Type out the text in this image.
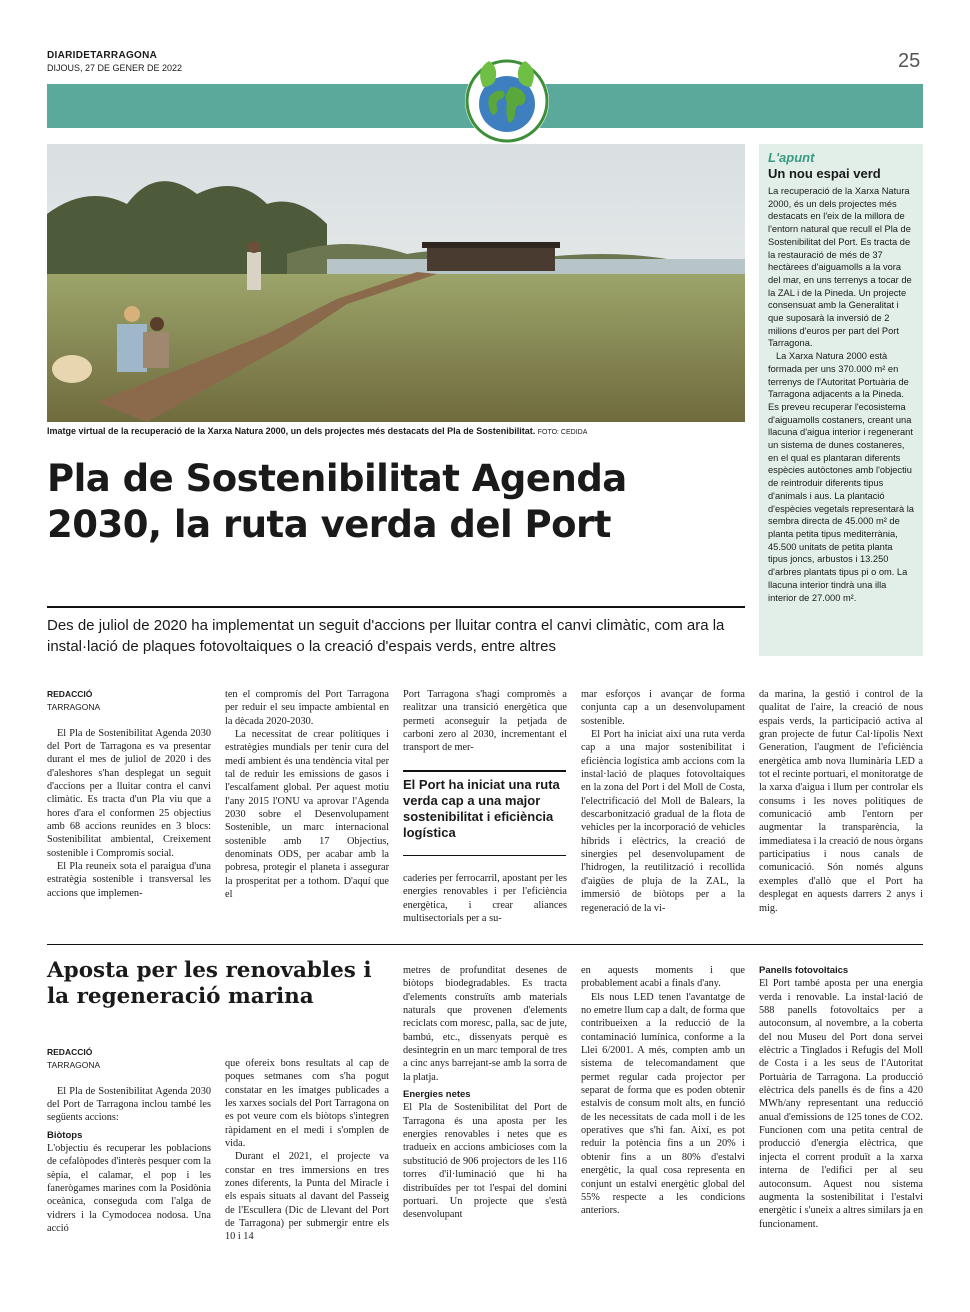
DIARIDETARRAGONA
DIJOUS, 27 DE GENER DE 2022	25
Imatge virtual de la recuperació de la Xarxa Natura 2000, un dels projectes més destacats del Pla de Sostenibilitat. FOTO: CEDIDA
L'apunt
Un nou espai verd

La recuperació de la Xarxa Natura 2000, és un dels projectes més destacats en l'eix de la millora de l'entorn natural que recull el Pla de Sostenibilitat del Port. Es tracta de la restauració de més de 37 hectàrees d'aiguamolls a la vora del mar, en uns terrenys a tocar de la ZAL i de la Pineda. Un projecte consensuat amb la Generalitat i que suposarà la inversió de 2 milions d'euros per part del Port Tarragona.

La Xarxa Natura 2000 està formada per uns 370.000 m² en terrenys de l'Autoritat Portuària de Tarragona adjacents a la Pineda. Es preveu recuperar l'ecosistema d'aiguamolls costaners, creant una llacuna d'aigua interior i regenerant un sistema de dunes costaneres, en el qual es plantaran diferents espècies autòctones amb l'objectiu de reintroduir diferents tipus d'animals i aus. La plantació d'espècies vegetals representarà la sembra directa de 45.000 m² de planta petita tipus mediterrània, 45.500 unitats de petita planta tipus joncs, arbustos i 13.250 d'arbres plantats tipus pi o om. La llacuna interior tindrà una illa interior de 27.000 m².

Pla de Sostenibilitat Agenda 2030, la ruta verda del Port
Des de juliol de 2020 ha implementat un seguit d'accions per lluitar contra el canvi climàtic, com ara la instal·lació de plaques fotovoltaiques o la creació d'espais verds, entre altres
REDACCIÓ
TARRAGONA

El Pla de Sostenibilitat Agenda 2030 del Port de Tarragona es va presentar durant el mes de juliol de 2020 i des d'aleshores s'han desplegat un seguit d'accions per a lluitar contra el canvi climàtic. Es tracta d'un Pla viu que a hores d'ara el conformen 25 objectius amb 68 accions reunides en 3 blocs: Sostenibilitat ambiental, Creixement sostenible i Compromís social.

El Pla reuneix sota el paraigua d'una estratègia sostenible i transversal les accions que implemen-

ten el compromís del Port Tarragona per reduir el seu impacte ambiental en la dècada 2020-2030.

La necessitat de crear polítiques i estratègies mundials per tenir cura del medi ambient és una tendència vital per tal de reduir les emissions de gasos i l'escalfament global. Per aquest motiu l'any 2015 l'ONU va aprovar l'Agenda 2030 sobre el Desenvolupament Sostenible, un marc internacional sostenible amb 17 Objectius, denominats ODS, per acabar amb la pobresa, protegir el planeta i assegurar la prosperitat per a tothom. D'aquí que el

Port Tarragona s'hagi compromès a realitzar una transició energètica que permeti aconseguir la petjada de carboni zero al 2030, incrementant el transport de mer-

El Port ha iniciat una ruta verda cap a una major sostenibilitat i eficiència logística

caderies per ferrocarril, apostant per les energies renovables i per l'eficiència energètica, i crear aliances multisectorials per a su-

mar esforços i avançar de forma conjunta cap a un desenvolupament sostenible.

El Port ha iniciat així una ruta verda cap a una major sostenibilitat i eficiència logística amb accions com la instal·lació de plaques fotovoltaiques en la zona del Port i del Moll de Costa, l'electrificació del Moll de Balears, la descarbonització gradual de la flota de vehicles per la incorporació de vehicles híbrids i elèctrics, la creació de sinergies pel desenvolupament de l'hidrogen, la reutilització i recollida d'aigües de pluja de la ZAL, la immersió de biòtops per a la regeneració de la vi-

da marina, la gestió i control de la qualitat de l'aire, la creació de nous espais verds, la participació activa al gran projecte de futur Cal·lípolis Next Generation, l'augment de l'eficiència energètica amb nova lluminària LED a tot el recinte portuari, el monitoratge de la xarxa d'aigua i llum per controlar els consums i les noves polítiques de comunicació amb l'entorn per augmentar la transparència, la immediatesa i la creació de nous òrgans participatius i nous canals de comunicació. Són només alguns exemples d'allò que el Port ha desplegat en aquests darrers 2 anys i mig.

Aposta per les renovables i la regeneració marina
REDACCIÓ
TARRAGONA

El Pla de Sostenibilitat Agenda 2030 del Port de Tarragona inclou també les següents accions:

Biòtops

L'objectiu és recuperar les poblacions de cefalòpodes d'interès pesquer com la sèpia, el calamar, el pop i les fanerògames marines com la Posidònia oceànica, conseguda com l'alga de vidrers i la Cymodocea nodosa. Una acció

que ofereix bons resultats al cap de poques setmanes com s'ha pogut constatar en les imatges publicades a les xarxes socials del Port Tarragona on es pot veure com els biòtops s'integren ràpidament en el medi i s'omplen de vida.

Durant el 2021, el projecte va constar en tres immersions en tres zones diferents, la Punta del Miracle i els espais situats al davant del Passeig de l'Escullera (Dic de Llevant del Port de Tarragona) per submergir entre els 10 i 14

metres de profunditat desenes de biòtops biodegradables. Es tracta d'elements construïts amb materials naturals que provenen d'elements reciclats com moresc, palla, sac de jute, bambú, etc., dissenyats perquè es desintegrin en un marc temporal de tres a cinc anys barrejant-se amb la sorra de la platja.

Energies netes

El Pla de Sostenibilitat del Port de Tarragona és una aposta per les energies renovables i netes que es tradueix en accions ambicioses com la substitució de 906 projectors de les 116 torres d'il·luminació que hi ha distribuïdes per tot l'espai del domini portuari. Un projecte que s'està desenvolupant

en aquests moments i que probablement acabi a finals d'any.

Els nous LED tenen l'avantatge de no emetre llum cap a dalt, de forma que contribueixen a la reducció de la contaminació lumínica, conforme a la Llei 6/2001. A més, compten amb un sistema de telecomandament que permet regular cada projector per separat de forma que es poden obtenir estalvis de consum molt alts, en funció de les necessitats de cada moll i de les operatives que s'hi fan. Així, es pot reduir la potència fins a un 20% i obtenir fins a un 80% d'estalvi energètic, la qual cosa representa en conjunt un estalvi energètic global del 55% respecte a les condicions anteriors.

Panells fotovoltaics

El Port també aposta per una energia verda i renovable. La instal·lació de 588 panells fotovoltaics per a autoconsum, al novembre, a la coberta del nou Museu del Port dona servei elèctric a Tinglados i Refugis del Moll de Costa i a les seus de l'Autoritat Portuària de Tarragona. La producció elèctrica dels panells és de fins a 420 MWh/any representant una reducció anual d'emissions de 125 tones de CO2. Funcionen com una petita central de producció d'energia elèctrica, que injecta el corrent produït a la xarxa interna de l'edifici per al seu autoconsum. Aquest nou sistema augmenta la sostenibilitat i l'estalvi energètic i s'uneix a altres similars ja en funcionament.
